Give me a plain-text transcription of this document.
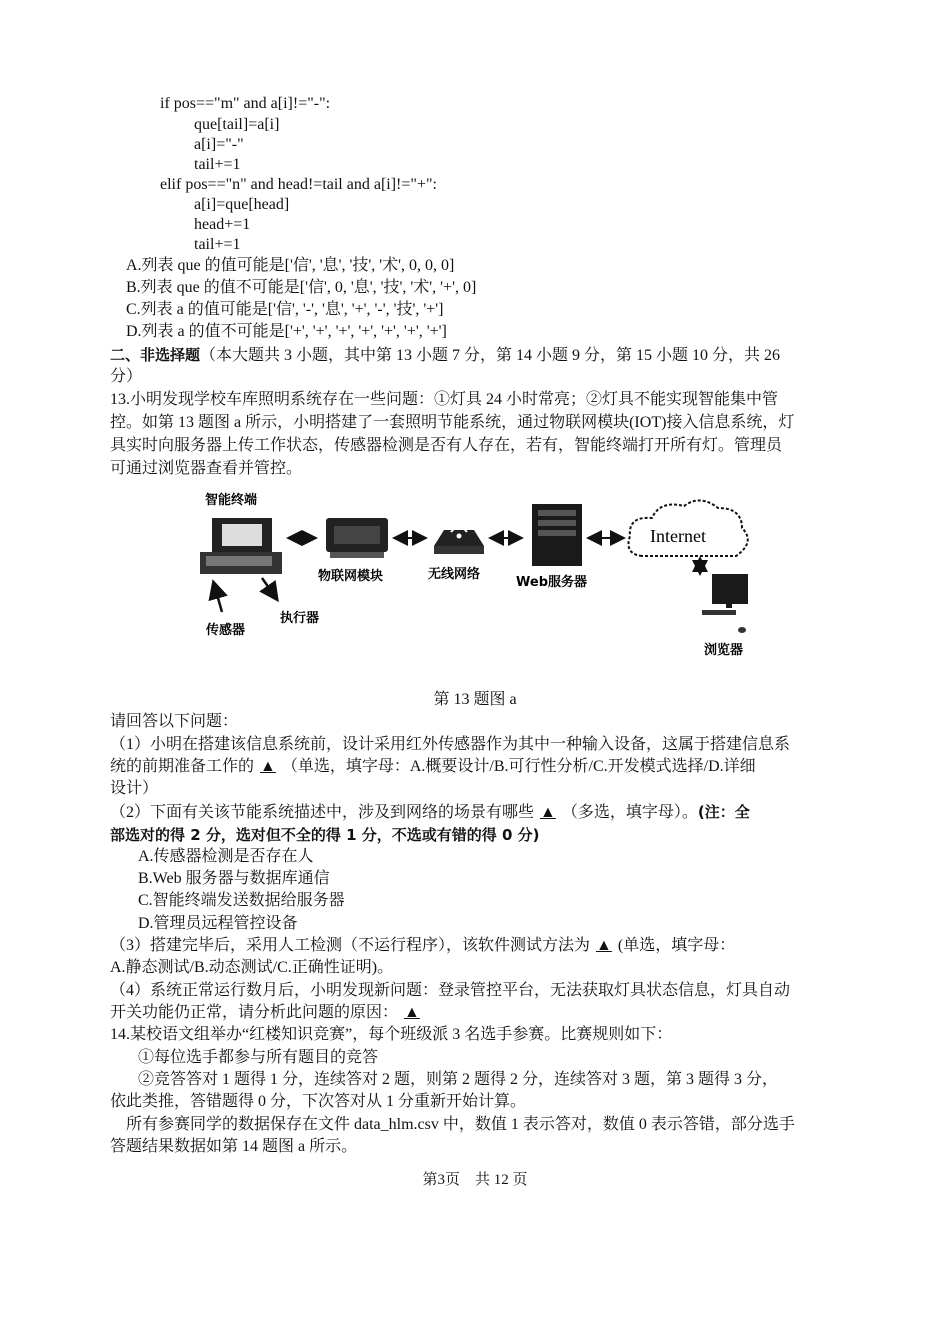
if pos=="m" and a[i]!="-":
que[tail]=a[i]
a[i]="-"
tail+=1
elif pos=="n" and head!=tail and a[i]!="+":
a[i]=que[head]
head+=1
tail+=1
A.列表 que 的值可能是['信', '息', '技', '术', 0, 0, 0]
B.列表 que 的值不可能是['信', 0, '息', '技', '术', '+', 0]
C.列表 a 的值可能是['信', '-', '息', '+', '-', '技', '+']
D.列表 a 的值不可能是['+', '+', '+', '+', '+', '+', '+']
二、非选择题（本大题共 3 小题，其中第 13 小题 7 分，第 14 小题 9 分，第 15 小题 10 分，共 26
分）
13.小明发现学校车库照明系统存在一些问题：①灯具 24 小时常亮；②灯具不能实现智能集中管
控。如第 13 题图 a 所示，小明搭建了一套照明节能系统，通过物联网模块(IOT)接入信息系统，灯
具实时向服务器上传工作状态，传感器检测是否有人存在，若有，智能终端打开所有灯。管理员
可通过浏览器查看并管控。
智能终端
传感器
执行器
物联网模块	无线网络
Web服务器
Internet
浏览器
第 13 题图 a
请回答以下问题：
（1）小明在搭建该信息系统前，设计采用红外传感器作为其中一种输入设备，这属于搭建信息系
统的前期准备工作的 ▲ （单选，填字母：A.概要设计/B.可行性分析/C.开发模式选择/D.详细
设计）
（2）下面有关该节能系统描述中，涉及到网络的场景有哪些 ▲ （多选，填字母）。(注：全
部选对的得 2 分，选对但不全的得 1 分，不选或有错的得 0 分)
A.传感器检测是否存在人
B.Web 服务器与数据库通信
C.智能终端发送数据给服务器
D.管理员远程管控设备
（3）搭建完毕后，采用人工检测（不运行程序），该软件测试方法为 ▲ (单选，填字母：
A.静态测试/B.动态测试/C.正确性证明)。
（4）系统正常运行数月后，小明发现新问题：登录管控平台，无法获取灯具状态信息，灯具自动
开关功能仍正常，请分析此问题的原因： ▲
14.某校语文组举办“红楼知识竞赛”，每个班级派 3 名选手参赛。比赛规则如下：
①每位选手都参与所有题目的竞答
②竞答答对 1 题得 1 分，连续答对 2 题，则第 2 题得 2 分，连续答对 3 题，第 3 题得 3 分，
依此类推，答错题得 0 分，下次答对从 1 分重新开始计算。
所有参赛同学的数据保存在文件 data_hlm.csv 中，数值 1 表示答对，数值 0 表示答错，部分选手
答题结果数据如第 14 题图 a 所示。
第3页　共 12 页
